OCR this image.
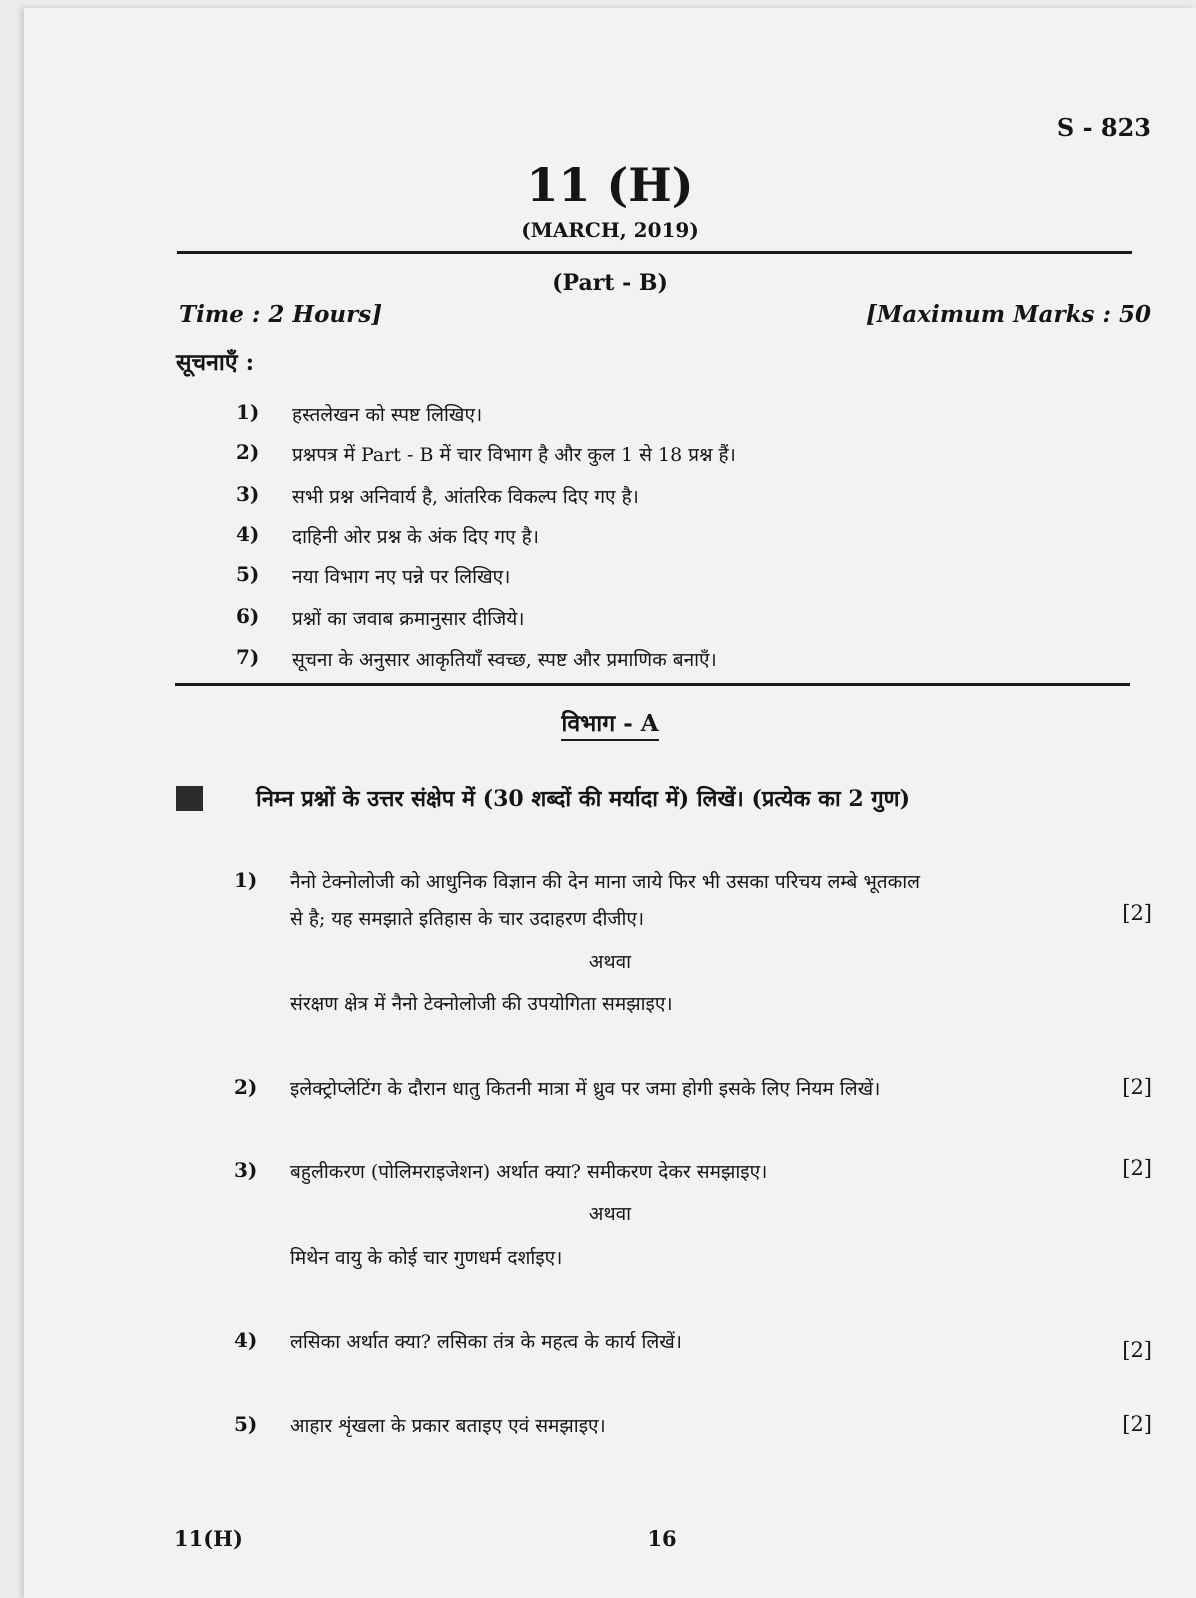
S - 823
11 (H)
(MARCH, 2019)
(Part - B)
Time : 2 Hours]	[Maximum Marks : 50
सूचनाएँ :
1) हस्तलेखन को स्पष्ट लिखिए।
2) प्रश्नपत्र में Part - B में चार विभाग है और कुल 1 से 18 प्रश्न हैं।
3) सभी प्रश्न अनिवार्य है, आंतरिक विकल्प दिए गए है।
4) दाहिनी ओर प्रश्न के अंक दिए गए है।
5) नया विभाग नए पन्ने पर लिखिए।
6) प्रश्नों का जवाब क्रमानुसार दीजिये।
7) सूचना के अनुसार आकृतियाँ स्वच्छ, स्पष्ट और प्रमाणिक बनाएँ।
विभाग - A
निम्न प्रश्नों के उत्तर संक्षेप में (30 शब्दों की मर्यादा में) लिखें। (प्रत्येक का 2 गुण)
1) नैनो टेक्नोलोजी को आधुनिक विज्ञान की देन माना जाये फिर भी उसका परिचय लम्बे भूतकाल
से है; यह समझाते इतिहास के चार उदाहरण दीजीए।	[2]
अथवा
संरक्षण क्षेत्र में नैनो टेक्नोलोजी की उपयोगिता समझाइए।
2) इलेक्ट्रोप्लेटिंग के दौरान धातु कितनी मात्रा में ध्रुव पर जमा होगी इसके लिए नियम लिखें।	[2]
3) बहुलीकरण (पोलिमराइजेशन) अर्थात क्या? समीकरण देकर समझाइए।	[2]
अथवा
मिथेन वायु के कोई चार गुणधर्म दर्शाइए।
4) लसिका अर्थात क्या? लसिका तंत्र के महत्व के कार्य लिखें।	[2]
5) आहार शृंखला के प्रकार बताइए एवं समझाइए।	[2]
11(H)	16
